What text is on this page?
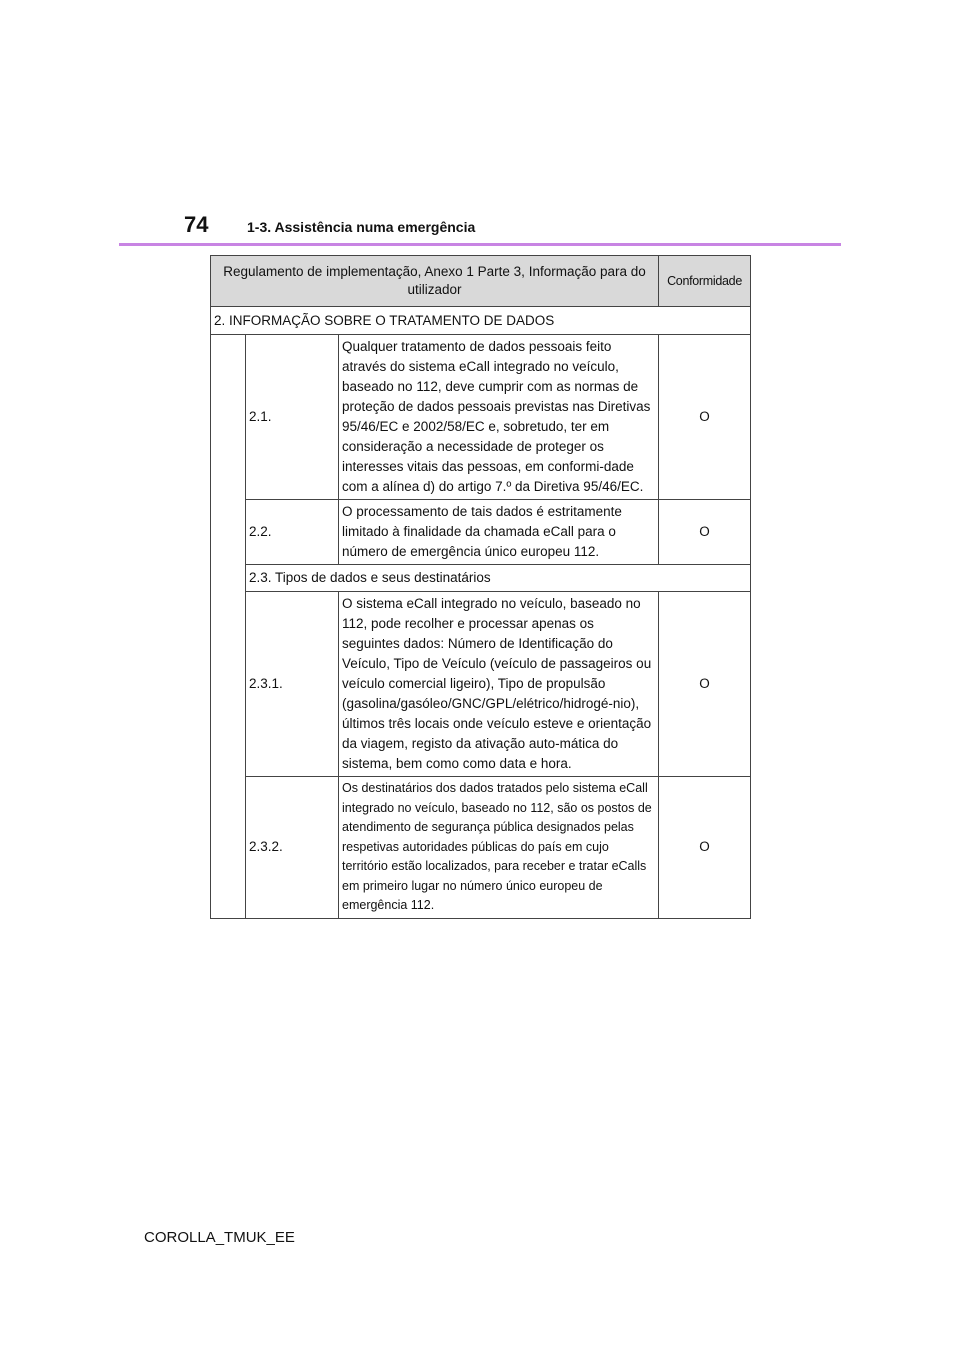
74	1-3. Assistência numa emergência
Regulamento de implementação, Anexo 1 Parte 3, Informação para do utilizador			Conformidade
2. INFORMAÇÃO SOBRE O TRATAMENTO DE DADOS			
	2.1.	Qualquer tratamento de dados pessoais feito através do sistema eCall integrado no veículo, baseado no 112, deve cumprir com as normas de proteção de dados pessoais previstas nas Diretivas 95/46/EC e 2002/58/EC e, sobretudo, ter em consideração a necessidade de proteger os interesses vitais das pessoas, em conformi-dade com a alínea d) do artigo 7.º da Diretiva 95/46/EC.	O
	2.2.	O processamento de tais dados é estritamente limitado à finalidade da chamada eCall para o número de emergência único europeu 112.	O
	2.3. Tipos de dados e seus destinatários		
	2.3.1.	O sistema eCall integrado no veículo, baseado no 112, pode recolher e processar apenas os seguintes dados: Número de Identificação do Veículo, Tipo de Veículo (veículo de passageiros ou veículo comercial ligeiro), Tipo de propulsão (gasolina/gasóleo/GNC/GPL/elétrico/hidrogé-nio), últimos três locais onde veículo esteve e orientação da viagem, registo da ativação auto-mática do sistema, bem como como data e hora.	O
	2.3.2.	Os destinatários dos dados tratados pelo sistema eCall integrado no veículo, baseado no 112, são os postos de atendimento de segurança pública designados pelas respetivas autoridades públicas do país em cujo território estão localizados, para receber e tratar eCalls em primeiro lugar no número único europeu de emergência 112.	O
COROLLA_TMUK_EE
